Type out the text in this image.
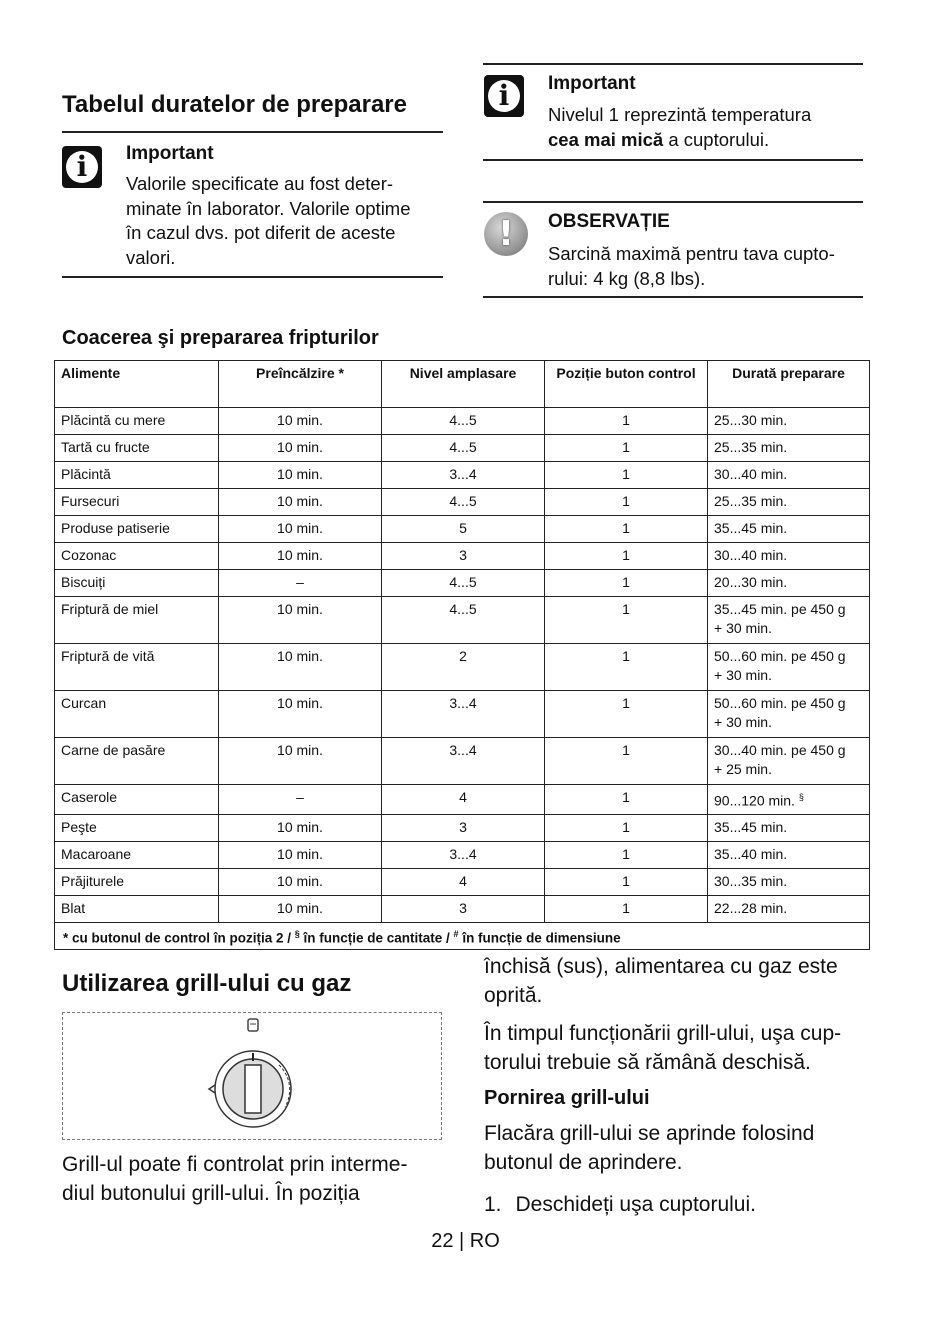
Tabelul duratelor de preparare
i	Important
Valorile specificate au fost deter-
minate în laborator. Valorile optime
în cazul dvs. pot diferit de aceste
valori.
i	Important
Nivelul 1 reprezintă temperatura
cea mai mică a cuptorului.
!	OBSERVAȚIE
Sarcină maximă pentru tava cupto-
rului: 4 kg (8,8 lbs).
Coacerea şi prepararea fripturilor
Alimente	Preîncălzire *	Nivel amplasare	Poziție buton control	Durată preparare
Plăcintă cu mere	10 min.	4...5	1	25...30 min.
Tartă cu fructe	10 min.	4...5	1	25...35 min.
Plăcintă	10 min.	3...4	1	30...40 min.
Fursecuri	10 min.	4...5	1	25...35 min.
Produse patiserie	10 min.	5	1	35...45 min.
Cozonac	10 min.	3	1	30...40 min.
Biscuiți	–	4...5	1	20...30 min.
Friptură de miel	10 min.	4...5	1	35...45 min. pe 450 g
+ 30 min.

Friptură de vită	10 min.	2	1	50...60 min. pe 450 g
+ 30 min.

Curcan	10 min.	3...4	1	50...60 min. pe 450 g
+ 30 min.

Carne de pasăre	10 min.	3...4	1	30...40 min. pe 450 g
+ 25 min.

Caserole	–	4	1	90...120 min. §
Peşte	10 min.	3	1	35...45 min.
Macaroane	10 min.	3...4	1	35...40 min.
Prăjiturele	10 min.	4	1	30...35 min.
Blat	10 min.	3	1	22...28 min.
* cu butonul de control în poziția 2 / § în funcție de cantitate / # în funcție de dimensiune				
Utilizarea grill-ului cu gaz
Grill-ul poate fi controlat prin interme-
diul butonului grill-ului. În poziția
închisă (sus), alimentarea cu gaz este
oprită.
În timpul funcționării grill-ului, uşa cup-
torului trebuie să rămână deschisă.
Pornirea grill-ului
Flacăra grill-ului se aprinde folosind
butonul de aprindere.
1. Deschideți uşa cuptorului.
22 | RO
